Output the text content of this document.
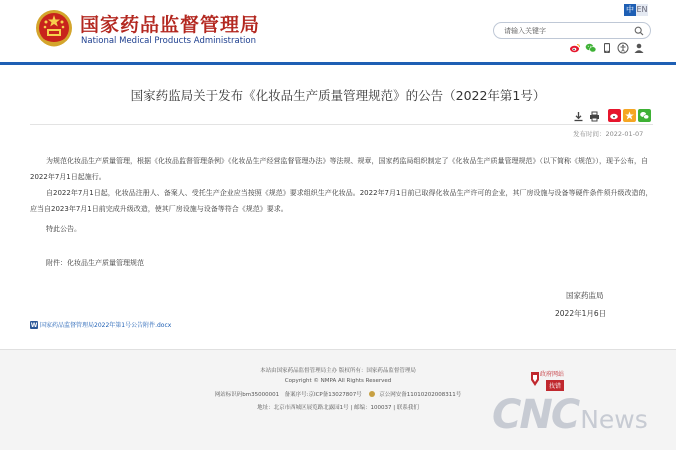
国家药品监督管理局
National Medical Products Administration
中 EN
请输入关键字
国家药监局关于发布《化妆品生产质量管理规范》的公告（2022年第1号）
发布时间：2022-01-07

为规范化妆品生产质量管理，根据《化妆品监督管理条例》《化妆品生产经营监督管理办法》等法规、规章，国家药监局组织制定了《化妆品生产质量管理规范》（以下简称《规范》），现予公布，自2022年7月1日起施行。

自2022年7月1日起，化妆品注册人、备案人、受托生产企业应当按照《规范》要求组织生产化妆品。2022年7月1日前已取得化妆品生产许可的企业，其厂房设施与设备等硬件条件须升级改造的，应当自2023年7月1日前完成升级改造，使其厂房设施与设备等符合《规范》要求。

特此公告。

附件：化妆品生产质量管理规范

国家药监局
2022年1月6日
W 国家药品监督管理局2022年第1号公告附件.docx
本站由国家药品监督管理局主办 版权所有：国家药品监督管理局
Copyright © NMPA All Rights Reserved
网站标识码bm35000001　备案序号:京ICP备13027807号	京公网安备11010202008311号
地址：北京市西城区展览路北露园1号 | 邮编：100037 | 联系我们
政府网站
找错
CNCNews
